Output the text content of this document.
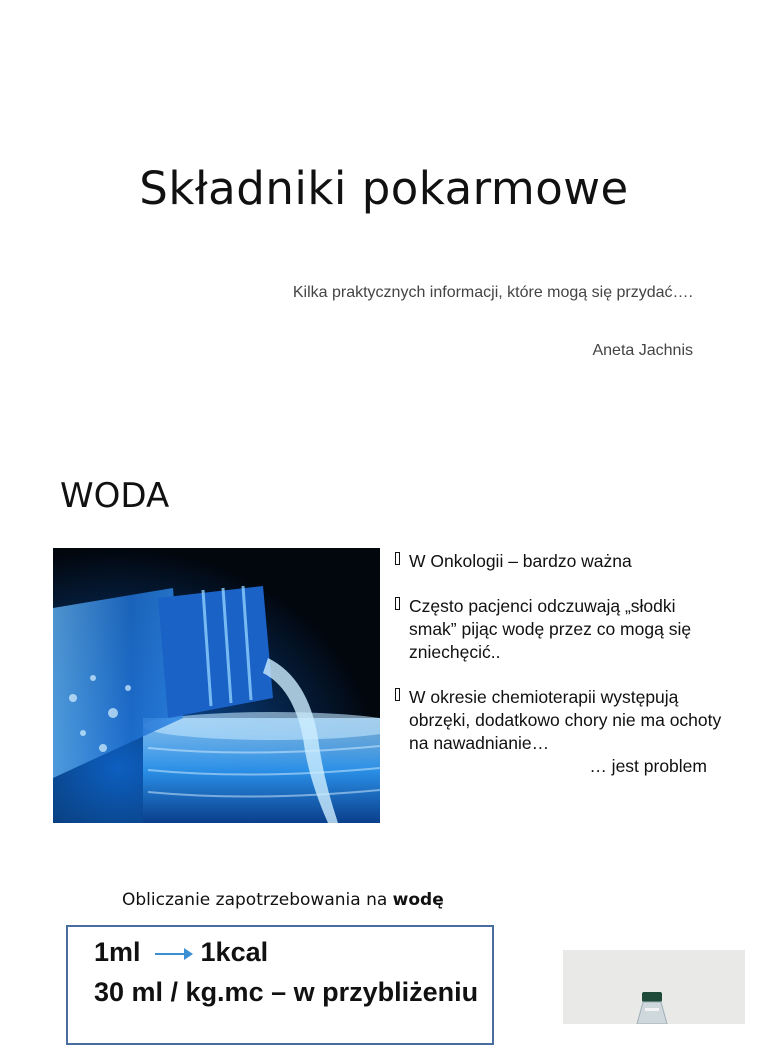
Składniki pokarmowe
Kilka praktycznych informacji, które mogą się przydać….
Aneta Jachnis
WODA
W Onkologii – bardzo ważna
Często pacjenci odczuwają „słodki smak” pijąc wodę przez co mogą się zniechęcić..
W okresie chemioterapii występują obrzęki, dodatkowo chory nie ma ochoty na nawadnianie…
… jest problem
Obliczanie zapotrzebowania na wodę
1ml 1kcal
30 ml / kg.mc – w przybliżeniu
